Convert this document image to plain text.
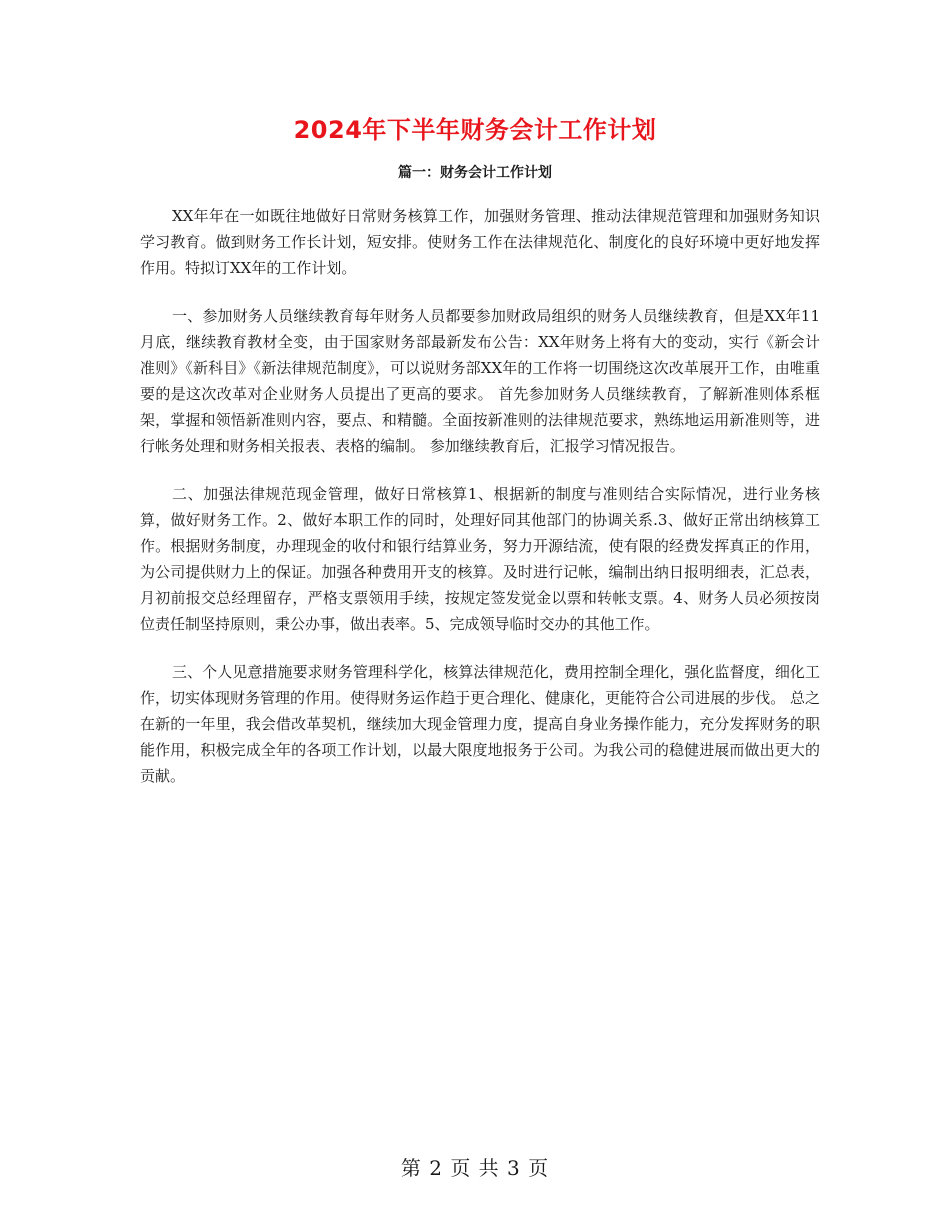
2024年下半年财务会计工作计划
篇一：财务会计工作计划

XX年年在一如既往地做好日常财务核算工作，加强财务管理、推动法律规范管理和加强财务知识学习教育。做到财务工作长计划，短安排。使财务工作在法律规范化、制度化的良好环境中更好地发挥作用。特拟订XX年的工作计划。

一、参加财务人员继续教育每年财务人员都要参加财政局组织的财务人员继续教育，但是XX年11月底，继续教育教材全变，由于国家财务部最新发布公告：XX年财务上将有大的变动，实行《新会计准则》《新科目》《新法律规范制度》，可以说财务部XX年的工作将一切围绕这次改革展开工作，由唯重要的是这次改革对企业财务人员提出了更高的要求。 首先参加财务人员继续教育，了解新准则体系框架，掌握和领悟新准则内容，要点、和精髓。全面按新准则的法律规范要求，熟练地运用新准则等，进行帐务处理和财务相关报表、表格的编制。 参加继续教育后，汇报学习情况报告。

二、加强法律规范现金管理，做好日常核算1、根据新的制度与准则结合实际情况，进行业务核算，做好财务工作。2、做好本职工作的同时，处理好同其他部门的协调关系.3、做好正常出纳核算工作。根据财务制度，办理现金的收付和银行结算业务，努力开源结流，使有限的经费发挥真正的作用，为公司提供财力上的保证。加强各种费用开支的核算。及时进行记帐，编制出纳日报明细表，汇总表，月初前报交总经理留存，严格支票领用手续，按规定签发觉金以票和转帐支票。4、财务人员必须按岗位责任制坚持原则，秉公办事，做出表率。5、完成领导临时交办的其他工作。

三、个人见意措施要求财务管理科学化，核算法律规范化，费用控制全理化，强化监督度，细化工作，切实体现财务管理的作用。使得财务运作趋于更合理化、健康化，更能符合公司进展的步伐。 总之在新的一年里，我会借改革契机，继续加大现金管理力度，提高自身业务操作能力，充分发挥财务的职能作用，积极完成全年的各项工作计划，以最大限度地报务于公司。为我公司的稳健进展而做出更大的贡献。

第 2 页 共 3 页
